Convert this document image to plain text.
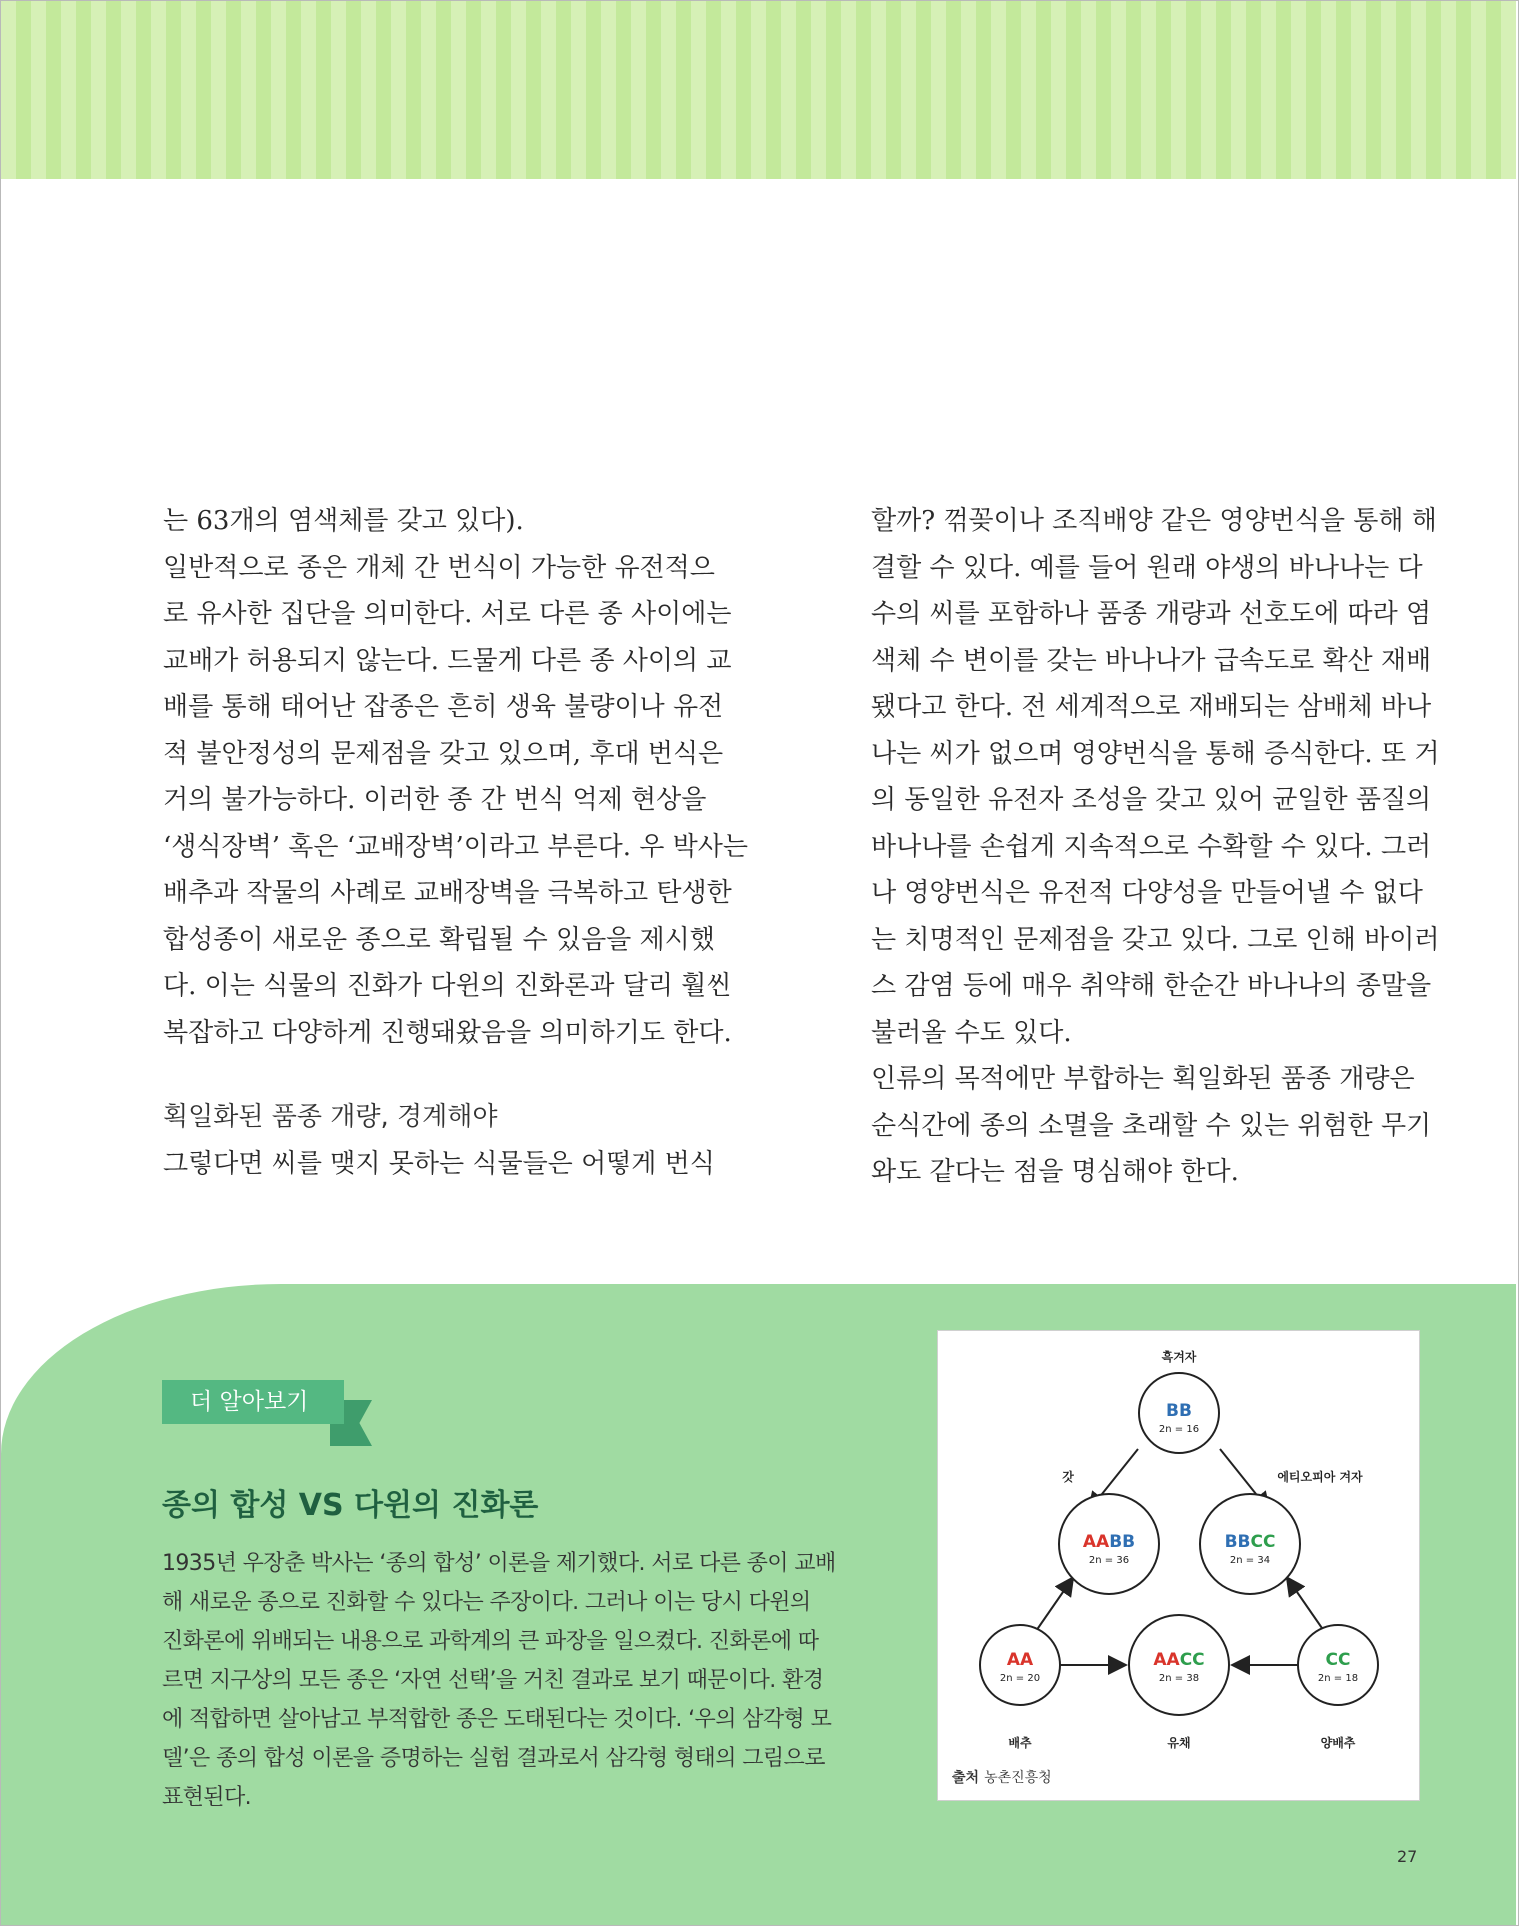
는 63개의 염색체를 갖고 있다).

일반적으로 종은 개체 간 번식이 가능한 유전적으

로 유사한 집단을 의미한다. 서로 다른 종 사이에는

교배가 허용되지 않는다. 드물게 다른 종 사이의 교

배를 통해 태어난 잡종은 흔히 생육 불량이나 유전

적 불안정성의 문제점을 갖고 있으며, 후대 번식은

거의 불가능하다. 이러한 종 간 번식 억제 현상을

‘생식장벽’ 혹은 ‘교배장벽’이라고 부른다. 우 박사는

배추과 작물의 사례로 교배장벽을 극복하고 탄생한

합성종이 새로운 종으로 확립될 수 있음을 제시했

다. 이는 식물의 진화가 다윈의 진화론과 달리 훨씬

복잡하고 다양하게 진행돼왔음을 의미하기도 한다.

획일화된 품종 개량, 경계해야

그렇다면 씨를 맺지 못하는 식물들은 어떻게 번식

할까? 꺾꽂이나 조직배양 같은 영양번식을 통해 해

결할 수 있다. 예를 들어 원래 야생의 바나나는 다

수의 씨를 포함하나 품종 개량과 선호도에 따라 염

색체 수 변이를 갖는 바나나가 급속도로 확산 재배

됐다고 한다. 전 세계적으로 재배되는 삼배체 바나

나는 씨가 없으며 영양번식을 통해 증식한다. 또 거

의 동일한 유전자 조성을 갖고 있어 균일한 품질의

바나나를 손쉽게 지속적으로 수확할 수 있다. 그러

나 영양번식은 유전적 다양성을 만들어낼 수 없다

는 치명적인 문제점을 갖고 있다. 그로 인해 바이러

스 감염 등에 매우 취약해 한순간 바나나의 종말을

불러올 수도 있다.

인류의 목적에만 부합하는 획일화된 품종 개량은

순식간에 종의 소멸을 초래할 수 있는 위험한 무기

와도 같다는 점을 명심해야 한다.

더 알아보기
종의 합성 VS 다윈의 진화론

1935년 우장춘 박사는 ‘종의 합성’ 이론을 제기했다. 서로 다른 종이 교배

해 새로운 종으로 진화할 수 있다는 주장이다. 그러나 이는 당시 다윈의

진화론에 위배되는 내용으로 과학계의 큰 파장을 일으켰다. 진화론에 따

르면 지구상의 모든 종은 ‘자연 선택’을 거친 결과로 보기 때문이다. 환경

에 적합하면 살아남고 부적합한 종은 도태된다는 것이다. ‘우의 삼각형 모

델’은 종의 합성 이론을 증명하는 실험 결과로서 삼각형 형태의 그림으로

표현된다.

흑겨자
BB
2n = 16
갓
AABB
2n = 36
에티오피아 겨자
BBCC
2n = 34
AA
2n = 20
배추
AACC
2n = 38
유채
CC
2n = 18
양배추
출처 농촌진흥청
27
